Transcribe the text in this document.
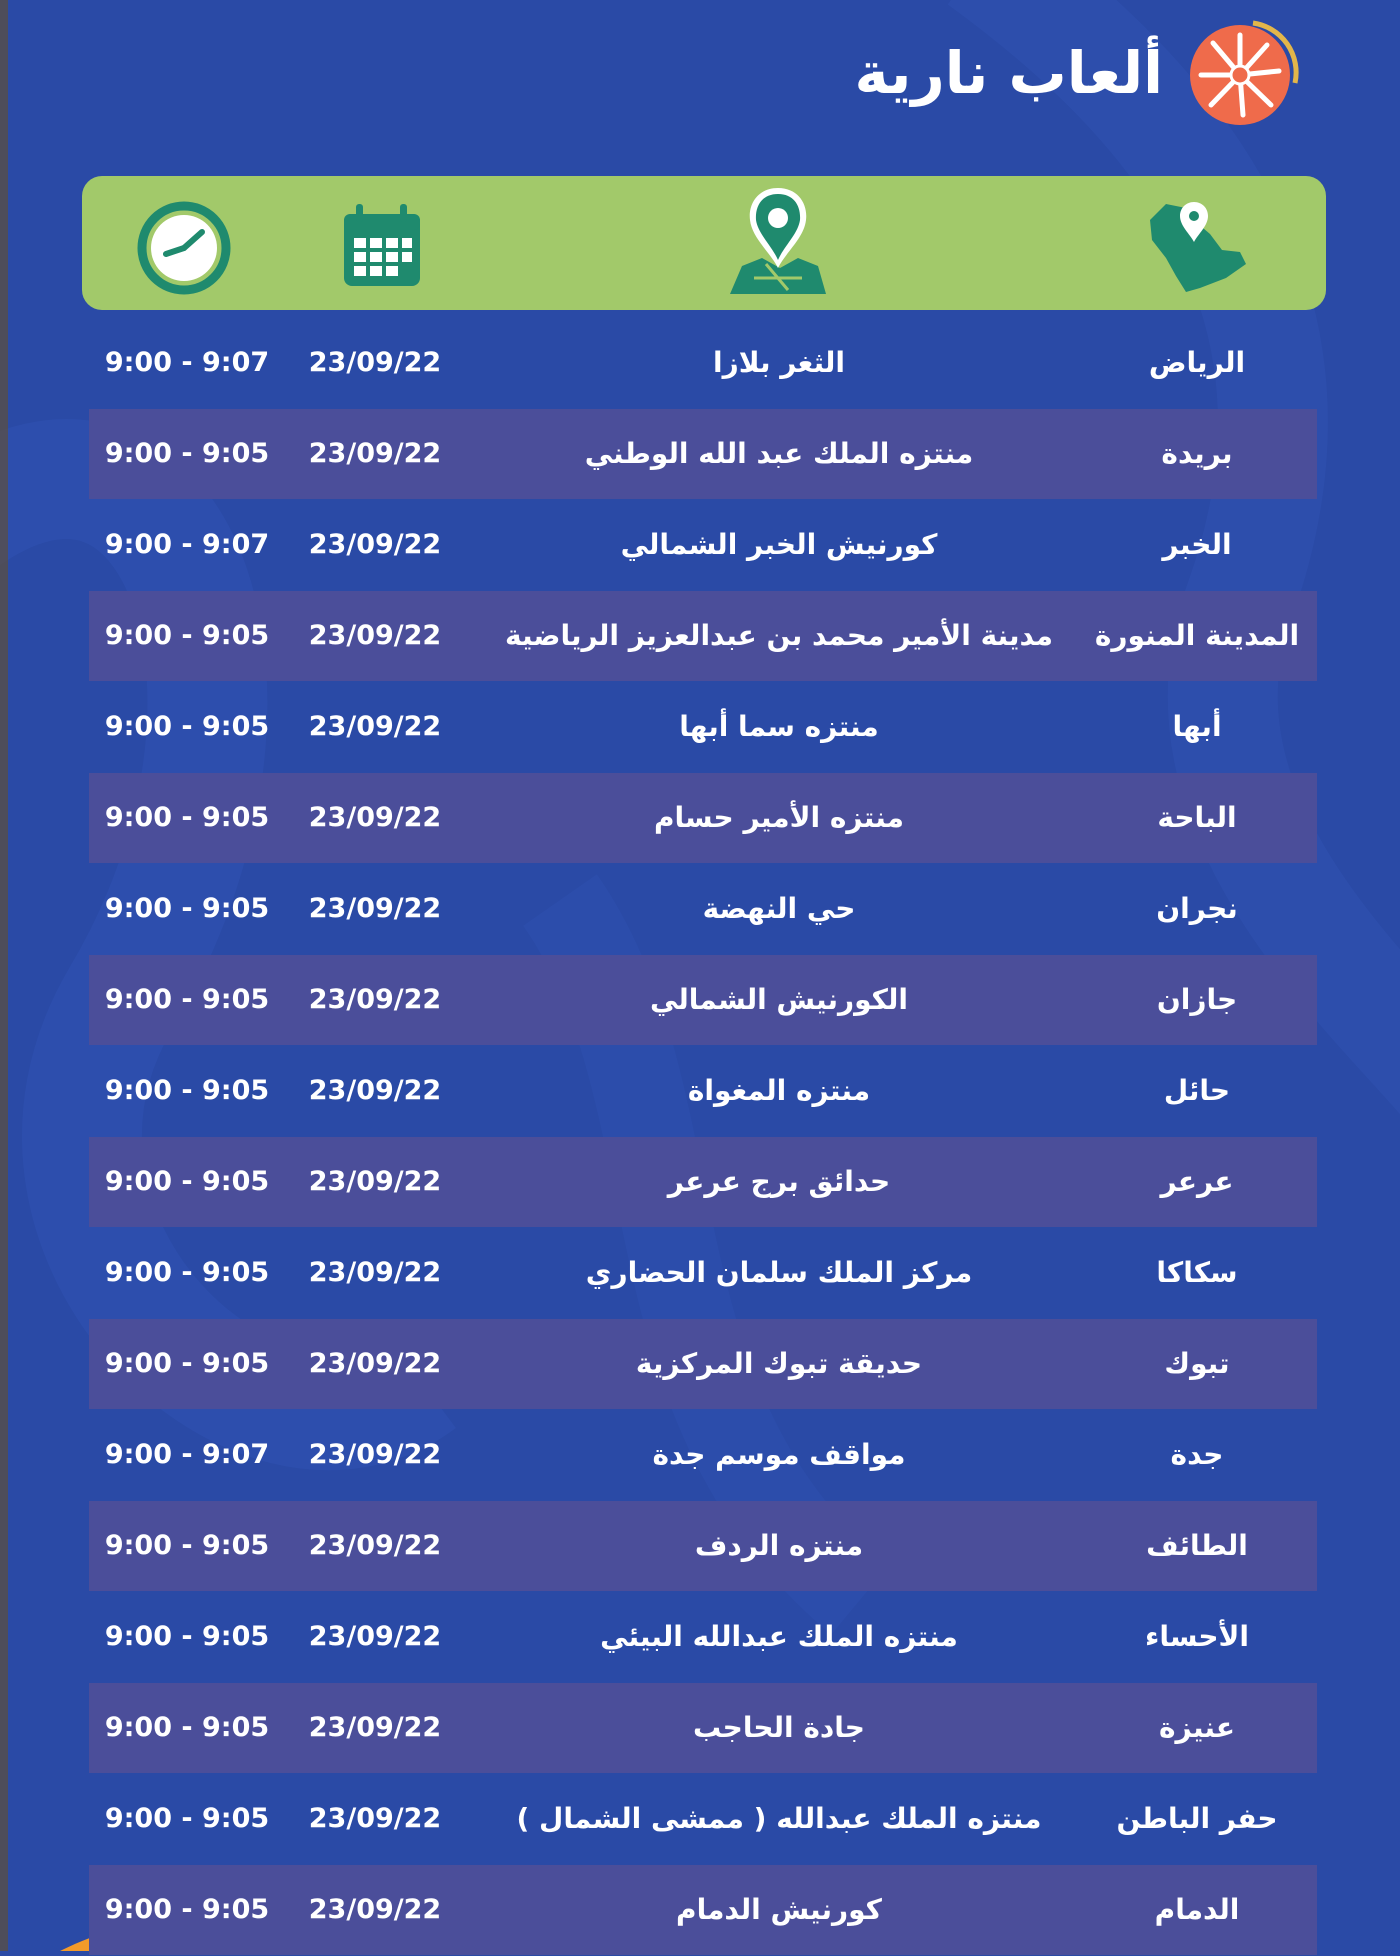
ألعاب نارية
الرياض
الثغر بلازا
23/09/22
9:00 - 9:07
بريدة
منتزه الملك عبد الله الوطني
23/09/22
9:00 - 9:05
الخبر
كورنيش الخبر الشمالي
23/09/22
9:00 - 9:07
المدينة المنورة
مدينة الأمير محمد بن عبدالعزيز الرياضية
23/09/22
9:00 - 9:05
أبها
منتزه سما أبها
23/09/22
9:00 - 9:05
الباحة
منتزه الأمير حسام
23/09/22
9:00 - 9:05
نجران
حي النهضة
23/09/22
9:00 - 9:05
جازان
الكورنيش الشمالي
23/09/22
9:00 - 9:05
حائل
منتزه المغواة
23/09/22
9:00 - 9:05
عرعر
حدائق برج عرعر
23/09/22
9:00 - 9:05
سكاكا
مركز الملك سلمان الحضاري
23/09/22
9:00 - 9:05
تبوك
حديقة تبوك المركزية
23/09/22
9:00 - 9:05
جدة
مواقف موسم جدة
23/09/22
9:00 - 9:07
الطائف
منتزه الردف
23/09/22
9:00 - 9:05
الأحساء
منتزه الملك عبدالله البيئي
23/09/22
9:00 - 9:05
عنيزة
جادة الحاجب
23/09/22
9:00 - 9:05
حفر الباطن
منتزه الملك عبدالله ( ممشى الشمال )
23/09/22
9:00 - 9:05
الدمام
كورنيش الدمام
23/09/22
9:00 - 9:05
